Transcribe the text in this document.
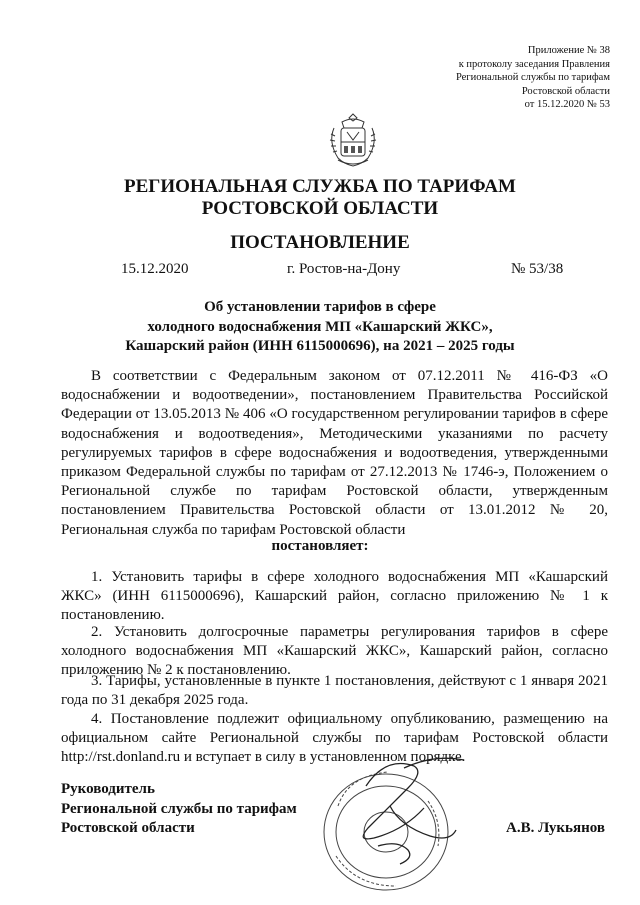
Приложение № 38
к протоколу заседания Правления
Региональной службы по тарифам
Ростовской области
от 15.12.2020 № 53
РЕГИОНАЛЬНАЯ СЛУЖБА ПО ТАРИФАМ
РОСТОВСКОЙ ОБЛАСТИ
ПОСТАНОВЛЕНИЕ
15.12.2020	г. Ростов-на-Дону	№ 53/38
Об установлении тарифов в сфере
холодного водоснабжения МП «Кашарский ЖКС»,
Кашарский район (ИНН 6115000696), на 2021 – 2025 годы

В соответствии с Федеральным законом от 07.12.2011 № 416-ФЗ «О водоснабжении и водоотведении», постановлением Правительства Российской Федерации от 13.05.2013 № 406 «О государственном регулировании тарифов в сфере водоснабжения и водоотведения», Методическими указаниями по расчету регулируемых тарифов в сфере водоснабжения и водоотведения, утвержденными приказом Федеральной службы по тарифам от 27.12.2013 № 1746-э, Положением о Региональной службе по тарифам Ростовской области, утвержденным постановлением Правительства Ростовской области от 13.01.2012 № 20, Региональная служба по тарифам Ростовской области

постановляет:

1. Установить тарифы в сфере холодного водоснабжения МП «Кашарский ЖКС» (ИНН 6115000696), Кашарский район, согласно приложению № 1 к постановлению.

2. Установить долгосрочные параметры регулирования тарифов в сфере холодного водоснабжения МП «Кашарский ЖКС», Кашарский район, согласно приложению № 2 к постановлению.

3. Тарифы, установленные в пункте 1 постановления, действуют с 1 января 2021 года по 31 декабря 2025 года.

4. Постановление подлежит официальному опубликованию, размещению на официальном сайте Региональной службы по тарифам Ростовской области http://rst.donland.ru и вступает в силу в установленном порядке.

Руководитель
Региональной службы по тарифам
Ростовской области	А.В. Лукьянов
